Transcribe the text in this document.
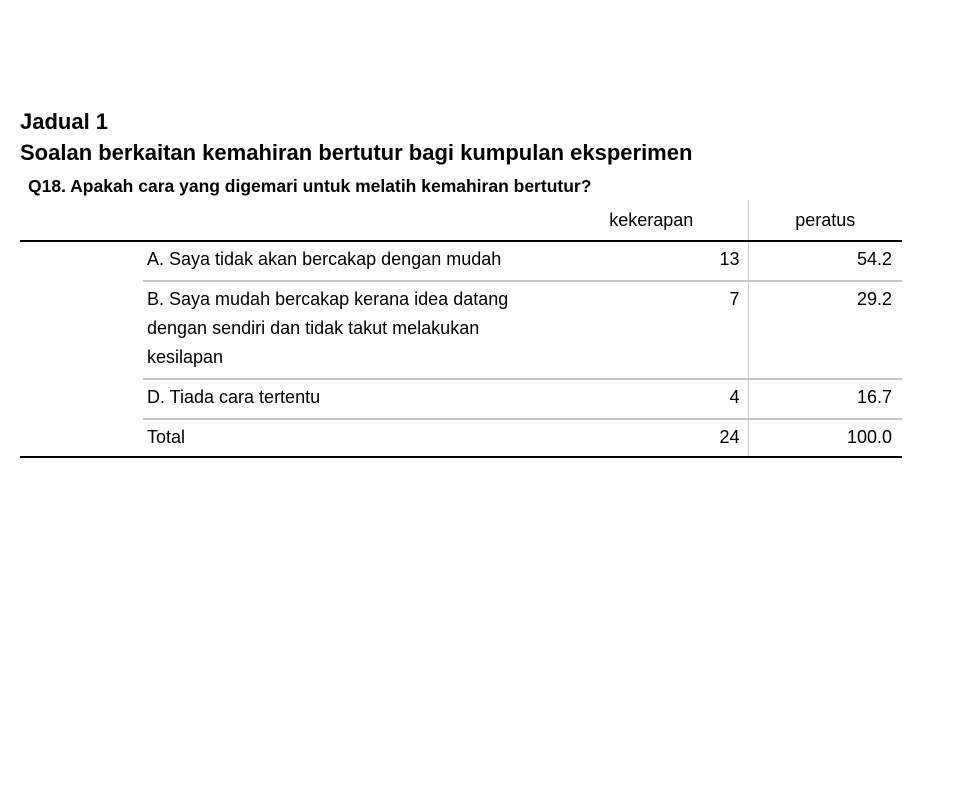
Jadual 1
Soalan berkaitan kemahiran bertutur bagi kumpulan eksperimen
Q18. Apakah cara yang digemari untuk melatih kemahiran bertutur?
		kekerapan	peratus
	A. Saya tidak akan bercakap dengan mudah	13	54.2
	B. Saya mudah bercakap kerana idea datang dengan sendiri dan tidak takut melakukan kesilapan	7	29.2
	D. Tiada cara tertentu	4	16.7
	Total	24	100.0
